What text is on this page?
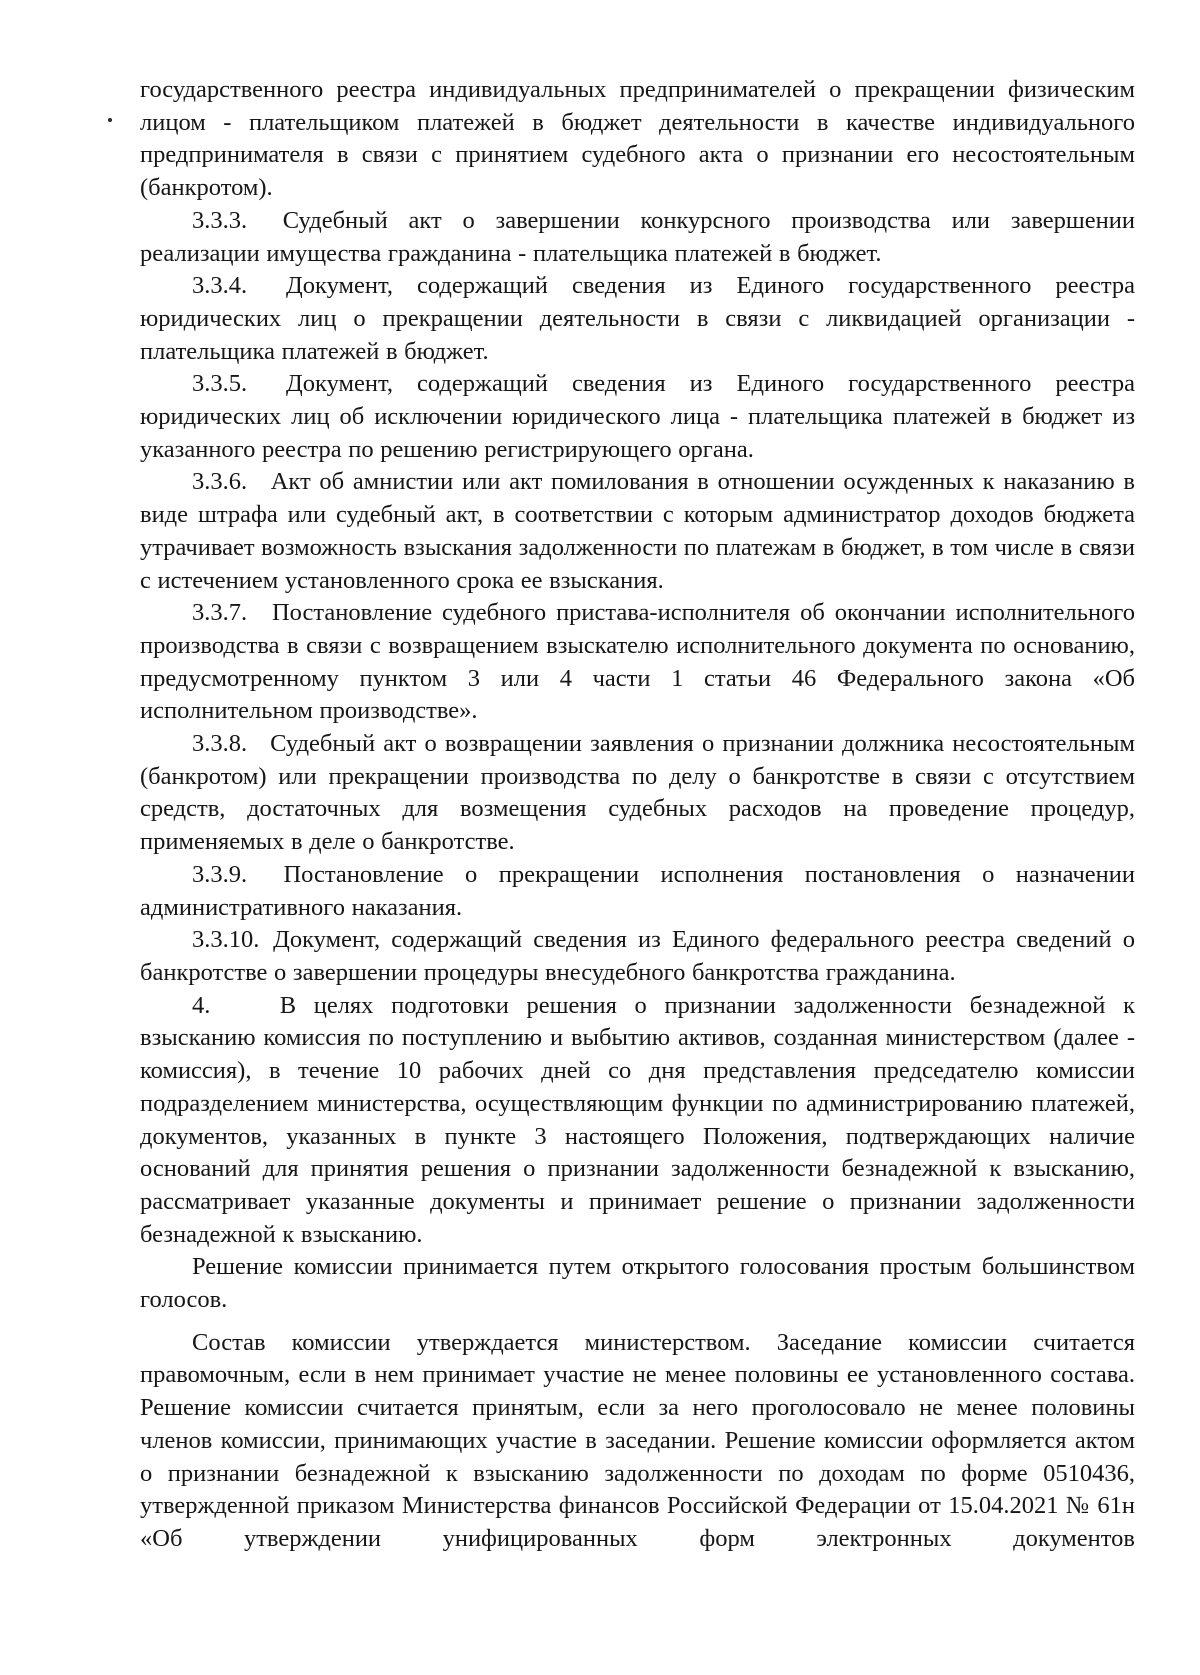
государственного реестра индивидуальных предпринимателей о прекращении физическим лицом - плательщиком платежей в бюджет деятельности в качестве индивидуального предпринимателя в связи с принятием судебного акта о признании его несостоятельным (банкротом).

3.3.3. Судебный акт о завершении конкурсного производства или завершении реализации имущества гражданина - плательщика платежей в бюджет.

3.3.4. Документ, содержащий сведения из Единого государственного реестра юридических лиц о прекращении деятельности в связи с ликвидацией организации - плательщика платежей в бюджет.

3.3.5. Документ, содержащий сведения из Единого государственного реестра юридических лиц об исключении юридического лица - плательщика платежей в бюджет из указанного реестра по решению регистрирующего органа.

3.3.6. Акт об амнистии или акт помилования в отношении осужденных к наказанию в виде штрафа или судебный акт, в соответствии с которым администратор доходов бюджета утрачивает возможность взыскания задолженности по платежам в бюджет, в том числе в связи с истечением установленного срока ее взыскания.

3.3.7. Постановление судебного пристава-исполнителя об окончании исполнительного производства в связи с возвращением взыскателю исполнительного документа по основанию, предусмотренному пунктом 3 или 4 части 1 статьи 46 Федерального закона «Об исполнительном производстве».

3.3.8. Судебный акт о возвращении заявления о признании должника несостоятельным (банкротом) или прекращении производства по делу о банкротстве в связи с отсутствием средств, достаточных для возмещения судебных расходов на проведение процедур, применяемых в деле о банкротстве.

3.3.9. Постановление о прекращении исполнения постановления о назначении административного наказания.

3.3.10. Документ, содержащий сведения из Единого федерального реестра сведений о банкротстве о завершении процедуры внесудебного банкротства гражданина.

4.	В целях подготовки решения о признании задолженности безнадежной к взысканию комиссия по поступлению и выбытию активов, созданная министерством (далее - комиссия), в течение 10 рабочих дней со дня представления председателю комиссии подразделением министерства, осуществляющим функции по администрированию платежей, документов, указанных в пункте 3 настоящего Положения, подтверждающих наличие оснований для принятия решения о признании задолженности безнадежной к взысканию, рассматривает указанные документы и принимает решение о признании задолженности безнадежной к взысканию.

Решение комиссии принимается путем открытого голосования простым большинством голосов.

Состав комиссии утверждается министерством. Заседание комиссии считается правомочным, если в нем принимает участие не менее половины ее установленного состава. Решение комиссии считается принятым, если за него проголосовало не менее половины членов комиссии, принимающих участие в заседании. Решение комиссии оформляется актом о признании безнадежной к взысканию задолженности по доходам по форме 0510436, утвержденной приказом Министерства финансов Российской Федерации от 15.04.2021 № 61н «Об утверждении унифицированных форм электронных документов
